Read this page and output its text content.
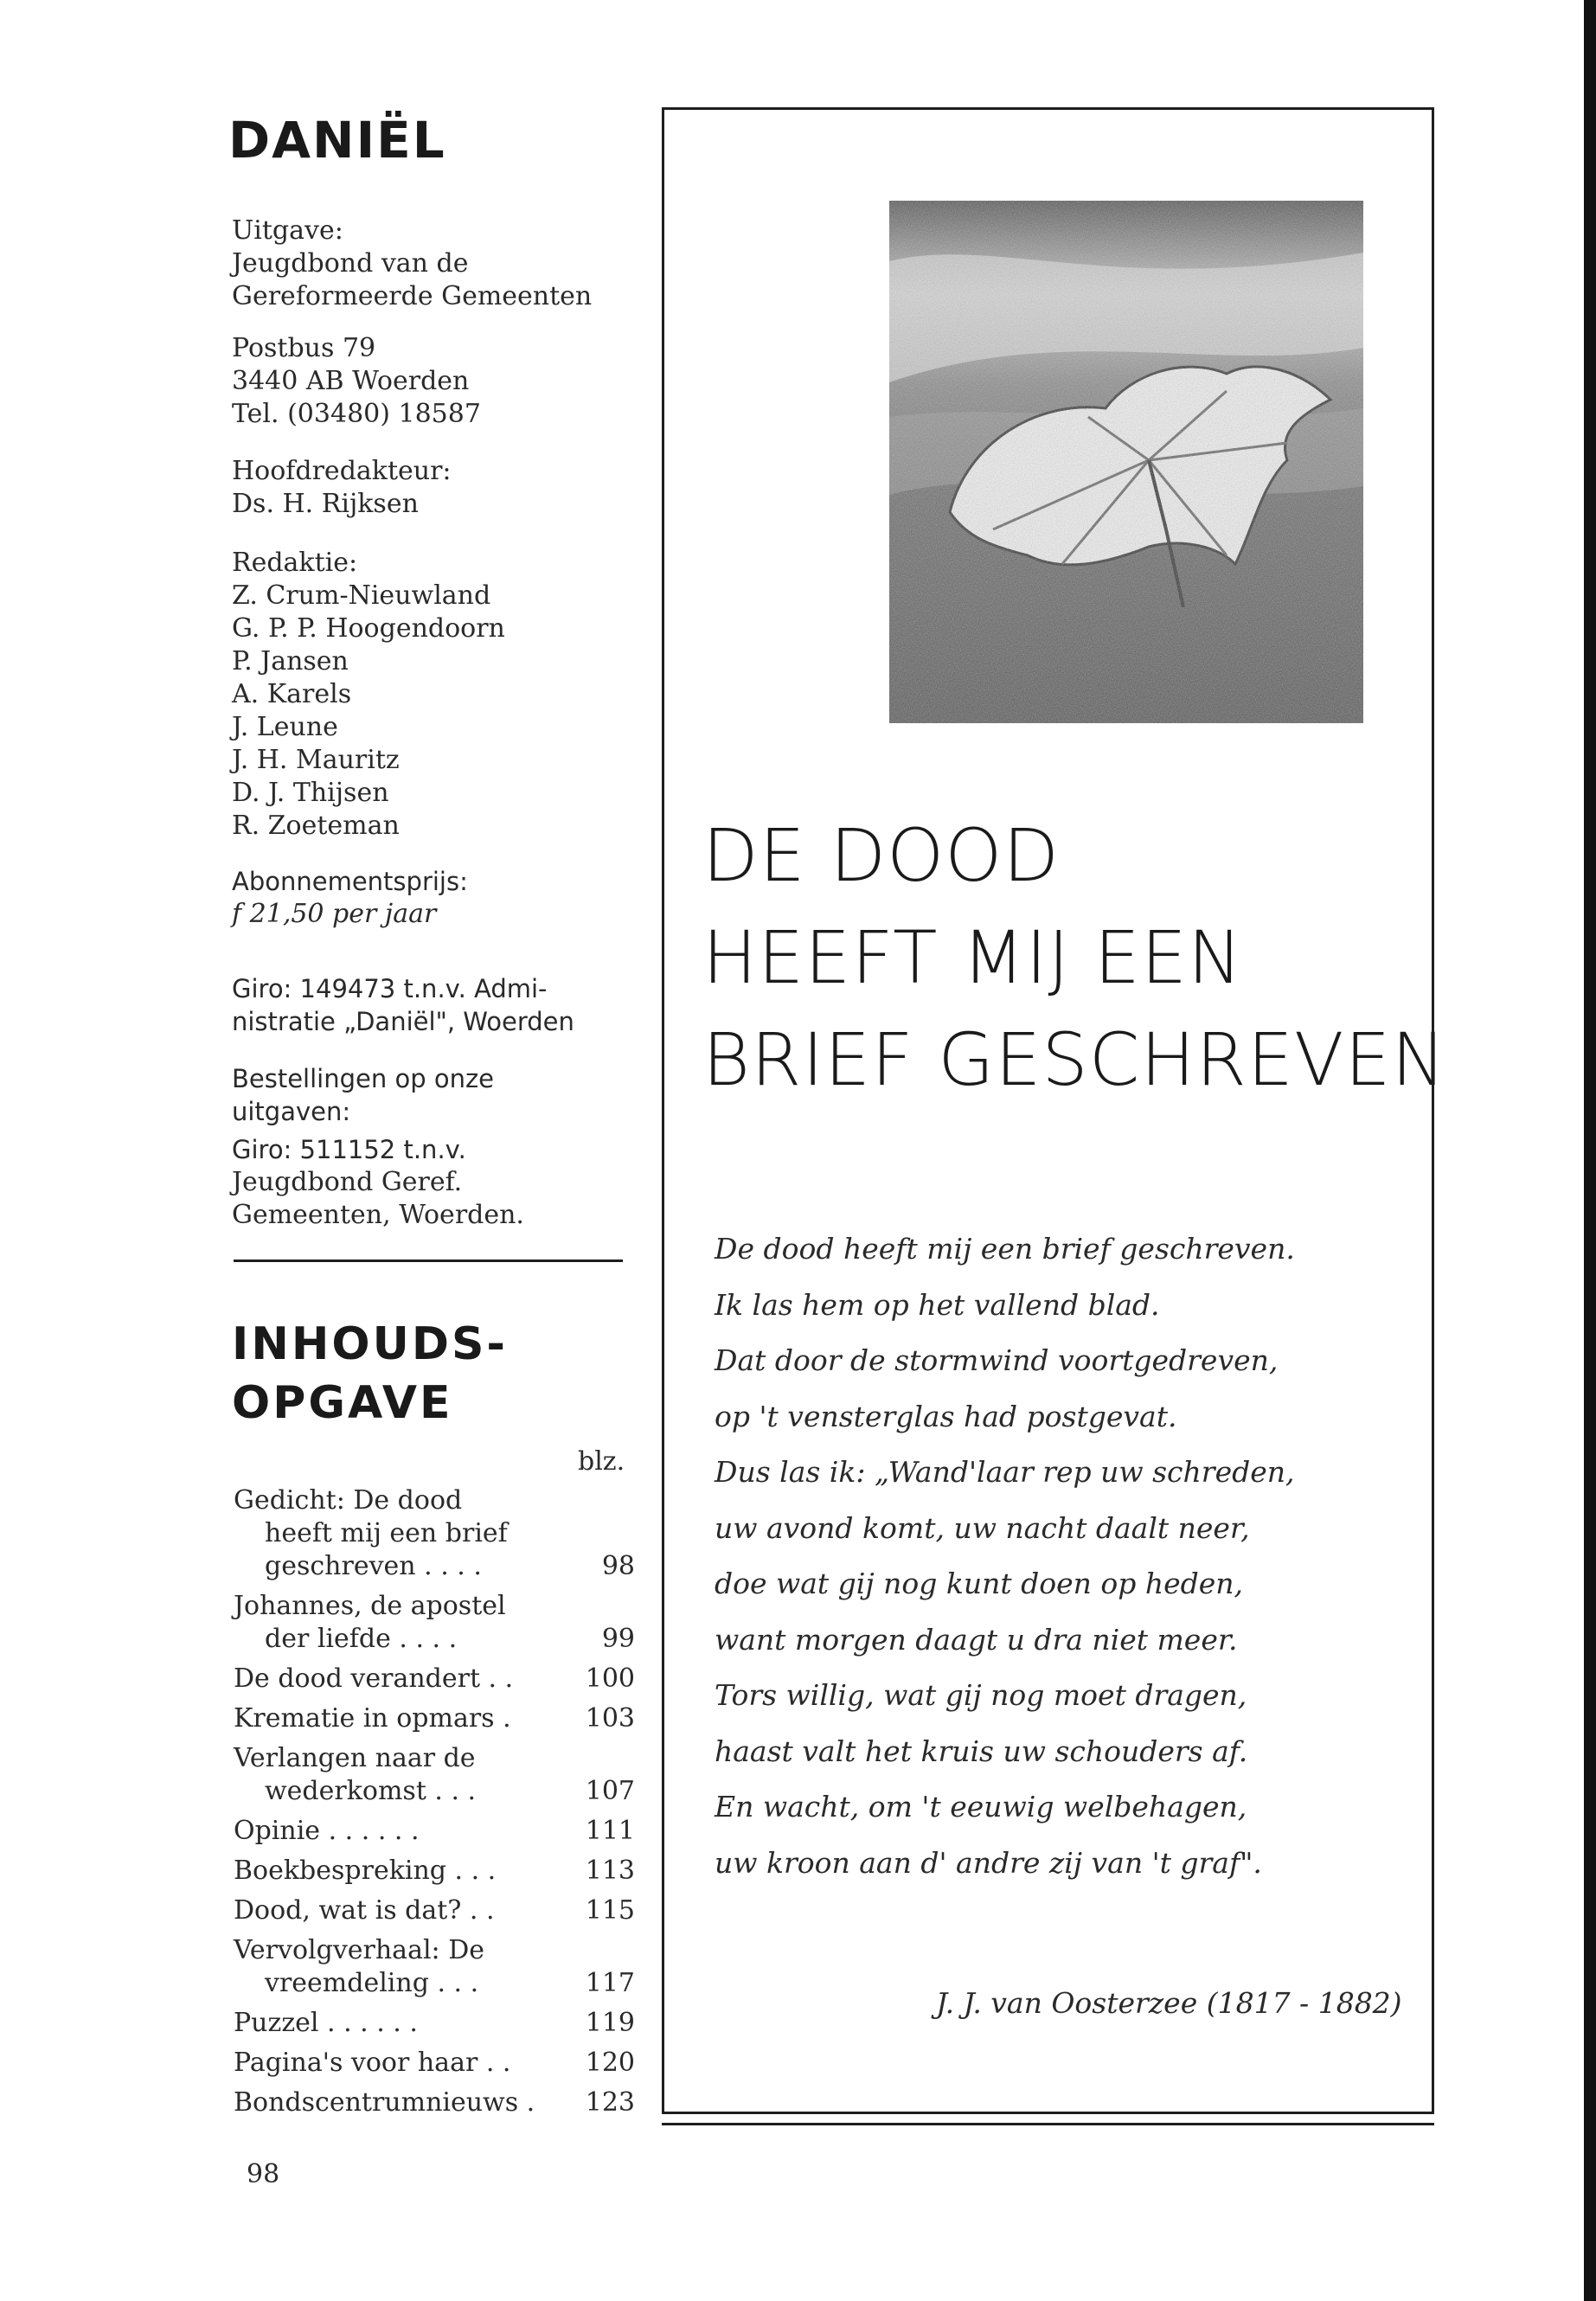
DANIËL
Uitgave:
Jeugdbond van de
Gereformeerde Gemeenten
Postbus 79
3440 AB Woerden
Tel. (03480) 18587
Hoofdredakteur:
Ds. H. Rijksen
Redaktie:
Z. Crum-Nieuwland
G. P. P. Hoogendoorn
P. Jansen
A. Karels
J. Leune
J. H. Mauritz
D. J. Thijsen
R. Zoeteman
Abonnementsprijs:
f 21,50 per jaar
Giro: 149473 t.n.v. Admi-
nistratie „Daniël", Woerden
Bestellingen op onze
uitgaven:
Giro: 511152 t.n.v.
Jeugdbond Geref.
Gemeenten, Woerden.
INHOUDS-
OPGAVE
blz.
Gedicht: De dood
heeft mij een brief
geschreven . . . .	98
Johannes, de apostel
der liefde . . . .	99
De dood verandert . .	100
Krematie in opmars .	103
Verlangen naar de
wederkomst . . .	107
Opinie . . . . . .	111
Boekbespreking . . .	113
Dood, wat is dat? . .	115
Vervolgverhaal: De
vreemdeling . . .	117
Puzzel . . . . . .	119
Pagina's voor haar . .	120
Bondscentrumnieuws .	123
98
DE DOOD
HEEFT MIJ EEN
BRIEF GESCHREVEN
De dood heeft mij een brief geschreven.
Ik las hem op het vallend blad.
Dat door de stormwind voortgedreven,
op 't vensterglas had postgevat.
Dus las ik: „Wand'laar rep uw schreden,
uw avond komt, uw nacht daalt neer,
doe wat gij nog kunt doen op heden,
want morgen daagt u dra niet meer.
Tors willig, wat gij nog moet dragen,
haast valt het kruis uw schouders af.
En wacht, om 't eeuwig welbehagen,
uw kroon aan d' andre zij van 't graf".
J. J. van Oosterzee (1817 - 1882)
